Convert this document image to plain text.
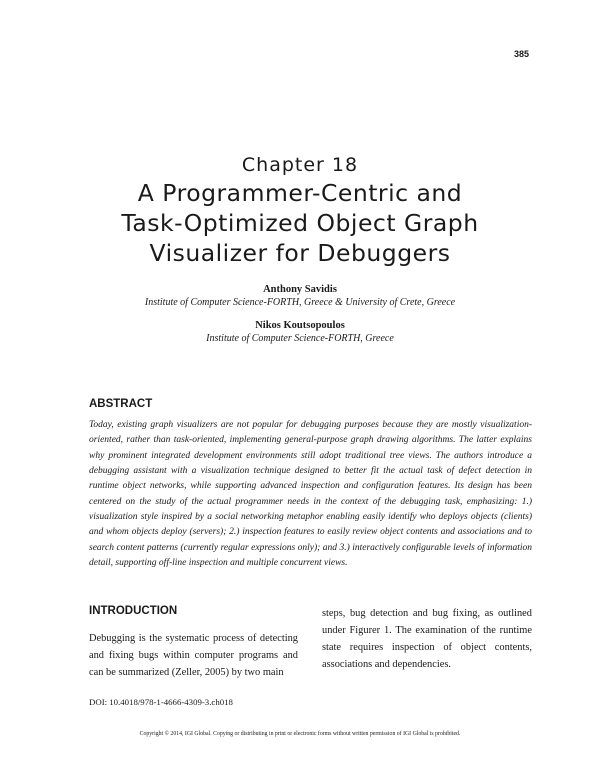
385
Chapter 18
A Programmer-Centric and
Task-Optimized Object Graph
Visualizer for Debuggers
Anthony Savidis
Institute of Computer Science-FORTH, Greece & University of Crete, Greece
Nikos Koutsopoulos
Institute of Computer Science-FORTH, Greece
ABSTRACT
Today, existing graph visualizers are not popular for debugging purposes because they are mostly visualization-oriented, rather than task-oriented, implementing general-purpose graph drawing algorithms. The latter explains why prominent integrated development environments still adopt traditional tree views. The authors introduce a debugging assistant with a visualization technique designed to better fit the actual task of defect detection in runtime object networks, while supporting advanced inspection and configuration features. Its design has been centered on the study of the actual programmer needs in the context of the debugging task, emphasizing: 1.) visualization style inspired by a social networking metaphor enabling easily identify who deploys objects (clients) and whom objects deploy (servers); 2.) inspection features to easily review object contents and associations and to search content patterns (currently regular expressions only); and 3.) interactively configurable levels of information detail, supporting off-line inspection and multiple concurrent views.
INTRODUCTION
Debugging is the systematic process of detecting and fixing bugs within computer programs and can be summarized (Zeller, 2005) by two main
steps, bug detection and bug fixing, as outlined under Figurer 1. The examination of the runtime state requires inspection of object contents, associations and dependencies.
DOI: 10.4018/978-1-4666-4309-3.ch018
Copyright © 2014, IGI Global. Copying or distributing in print or electronic forms without written permission of IGI Global is prohibited.
